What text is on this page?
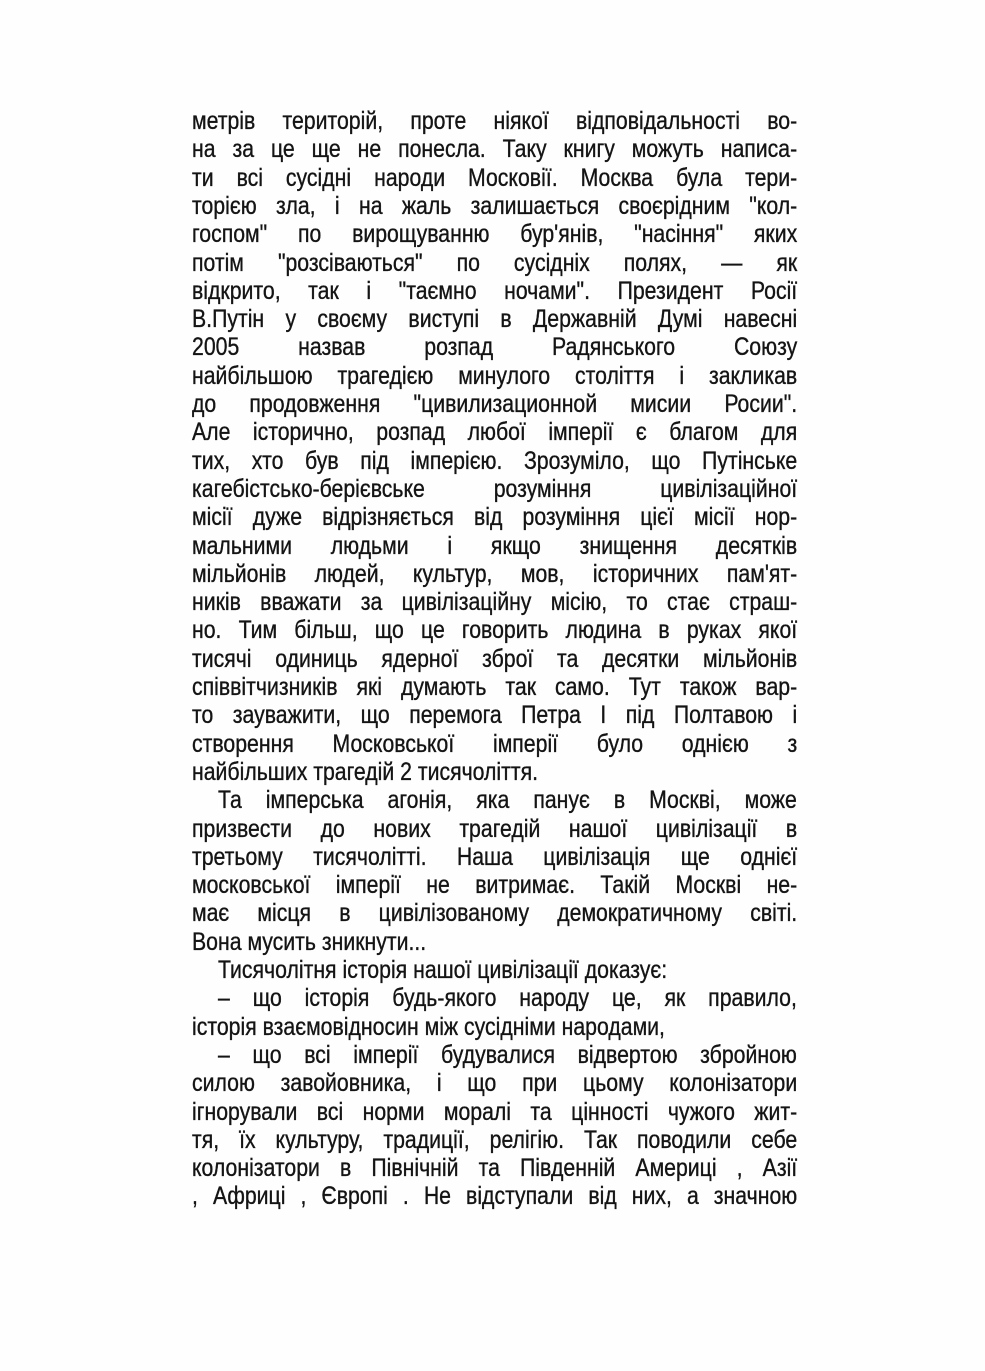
метрів територій, проте ніякої відповідальності во-
на за це ще не понесла. Таку книгу можуть написа-
ти всі сусідні народи Московії. Москва була тери-
торією зла, і на жаль залишається своєрідним "кол-
госпом" по вирощуванню бур'янів, "насіння" яких
потім "розсіваються" по сусідніх полях, — як
відкрито, так і "таємно ночами". Президент Росії
В.Путін у своєму виступі в Державній Думі навесні
2005 назвав розпад Радянського Союзу
найбільшою трагедією минулого століття і закликав
до продовження "цивилизационной мисии Росии".
Але історично, розпад любої імперії є благом для
тих, хто був під імперією. Зрозуміло, що Путінське
кагебістсько-берієвське розуміння цивілізаційної
місії дуже відрізняється від розуміння цієї місії нор-
мальними людьми і якщо знищення десятків
мільйонів людей, культур, мов, історичних пам'ят-
ників вважати за цивілізаційну місію, то стає страш-
но. Тим більш, що це говорить людина в руках якої
тисячі одиниць ядерної зброї та десятки мільйонів
співвітчизників які думають так само. Тут також вар-
то зауважити, що перемога Петра І під Полтавою і
створення Московської імперії було однією з
найбільших трагедій 2 тисячоліття.
Та імперська агонія, яка панує в Москві, може
призвести до нових трагедій нашої цивілізації в
третьому тисячолітті. Наша цивілізація ще однієї
московської імперії не витримає. Такій Москві не-
має місця в цивілізованому демократичному світі.
Вона мусить зникнути...
Тисячолітня історія нашої цивілізації доказує:
– що історія будь-якого народу це, як правило,
історія взаємовідносин між сусідніми народами,
– що всі імперії будувалися відвертою збройною
силою завойовника, і що при цьому колонізатори
ігнорували всі норми моралі та цінності чужого жит-
тя, їх культуру, традиції, релігію. Так поводили себе
колонізатори в Північній та Південній Америці , Азії
, Африці , Європі . Не відступали від них, а значною
